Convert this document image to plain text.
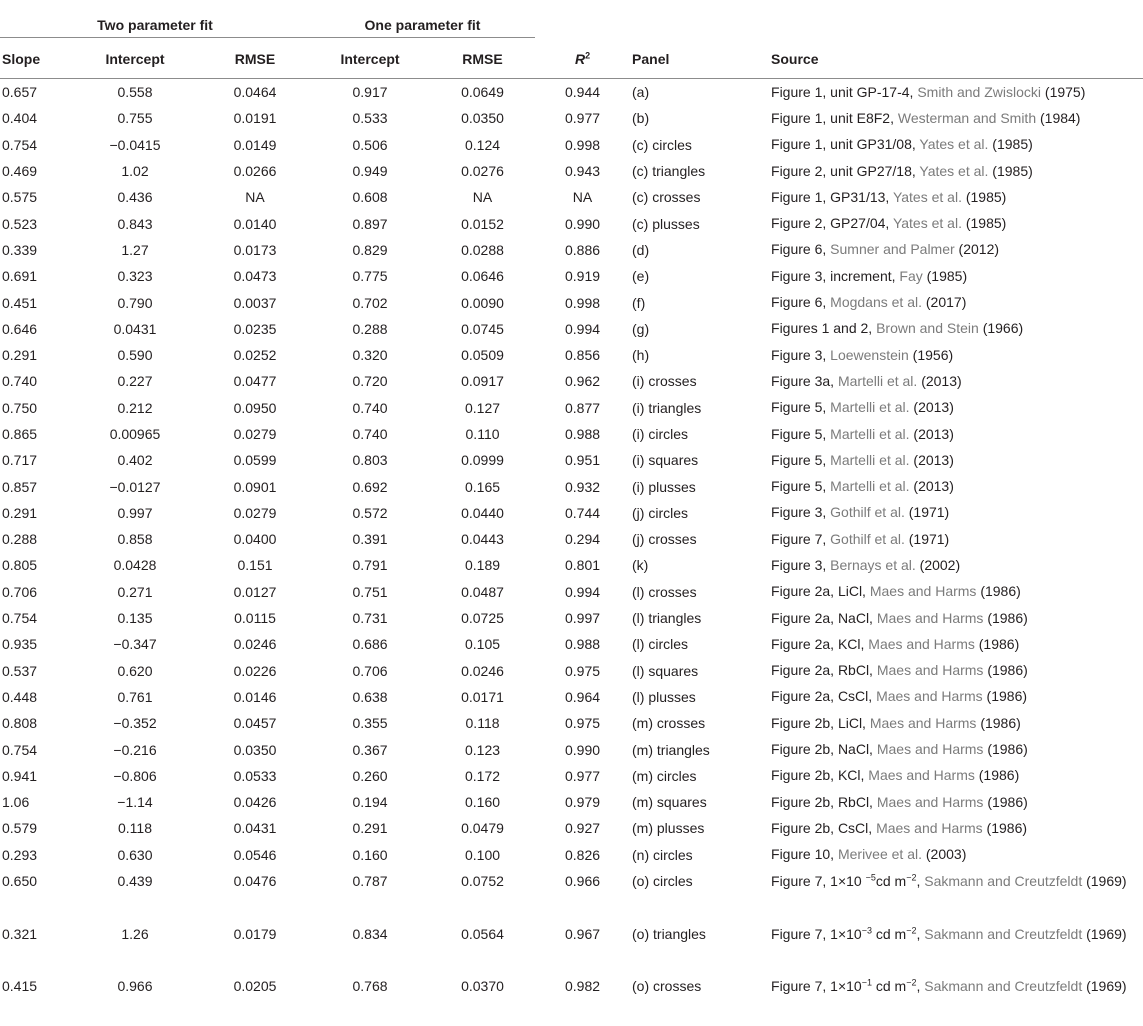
Two parameter fit			One parameter fit				

Slope	Intercept	RMSE	Intercept	RMSE	$R^2$	Panel	Source
0.657	0.558	0.0464	0.917	0.0649	0.944	(a)	Figure 1, unit GP-17-4, Smith and Zwislocki (1975)
0.404	0.755	0.0191	0.533	0.0350	0.977	(b)	Figure 1, unit E8F2, Westerman and Smith (1984)
0.754	−0.0415	0.0149	0.506	0.124	0.998	(c) circles	Figure 1, unit GP31/08, Yates et al. (1985)
0.469	1.02	0.0266	0.949	0.0276	0.943	(c) triangles	Figure 2, unit GP27/18, Yates et al. (1985)
0.575	0.436	NA	0.608	NA	NA	(c) crosses	Figure 1, GP31/13, Yates et al. (1985)
0.523	0.843	0.0140	0.897	0.0152	0.990	(c) plusses	Figure 2, GP27/04, Yates et al. (1985)
0.339	1.27	0.0173	0.829	0.0288	0.886	(d)	Figure 6, Sumner and Palmer (2012)
0.691	0.323	0.0473	0.775	0.0646	0.919	(e)	Figure 3, increment, Fay (1985)
0.451	0.790	0.0037	0.702	0.0090	0.998	(f)	Figure 6, Mogdans et al. (2017)
0.646	0.0431	0.0235	0.288	0.0745	0.994	(g)	Figures 1 and 2, Brown and Stein (1966)
0.291	0.590	0.0252	0.320	0.0509	0.856	(h)	Figure 3, Loewenstein (1956)
0.740	0.227	0.0477	0.720	0.0917	0.962	(i) crosses	Figure 3a, Martelli et al. (2013)
0.750	0.212	0.0950	0.740	0.127	0.877	(i) triangles	Figure 5, Martelli et al. (2013)
0.865	0.00965	0.0279	0.740	0.110	0.988	(i) circles	Figure 5, Martelli et al. (2013)
0.717	0.402	0.0599	0.803	0.0999	0.951	(i) squares	Figure 5, Martelli et al. (2013)
0.857	−0.0127	0.0901	0.692	0.165	0.932	(i) plusses	Figure 5, Martelli et al. (2013)
0.291	0.997	0.0279	0.572	0.0440	0.744	(j) circles	Figure 3, Gothilf et al. (1971)
0.288	0.858	0.0400	0.391	0.0443	0.294	(j) crosses	Figure 7, Gothilf et al. (1971)
0.805	0.0428	0.151	0.791	0.189	0.801	(k)	Figure 3, Bernays et al. (2002)
0.706	0.271	0.0127	0.751	0.0487	0.994	(l) crosses	Figure 2a, LiCl, Maes and Harms (1986)
0.754	0.135	0.0115	0.731	0.0725	0.997	(l) triangles	Figure 2a, NaCl, Maes and Harms (1986)
0.935	−0.347	0.0246	0.686	0.105	0.988	(l) circles	Figure 2a, KCl, Maes and Harms (1986)
0.537	0.620	0.0226	0.706	0.0246	0.975	(l) squares	Figure 2a, RbCl, Maes and Harms (1986)
0.448	0.761	0.0146	0.638	0.0171	0.964	(l) plusses	Figure 2a, CsCl, Maes and Harms (1986)
0.808	−0.352	0.0457	0.355	0.118	0.975	(m) crosses	Figure 2b, LiCl, Maes and Harms (1986)
0.754	−0.216	0.0350	0.367	0.123	0.990	(m) triangles	Figure 2b, NaCl, Maes and Harms (1986)
0.941	−0.806	0.0533	0.260	0.172	0.977	(m) circles	Figure 2b, KCl, Maes and Harms (1986)
1.06	−1.14	0.0426	0.194	0.160	0.979	(m) squares	Figure 2b, RbCl, Maes and Harms (1986)
0.579	0.118	0.0431	0.291	0.0479	0.927	(m) plusses	Figure 2b, CsCl, Maes and Harms (1986)
0.293	0.630	0.0546	0.160	0.100	0.826	(n) circles	Figure 10, Merivee et al. (2003)
0.650	0.439	0.0476	0.787	0.0752	0.966	(o) circles	Figure 7, 1×10 $^{-5}$cd $m^{-2}$, Sakmann and Creutzfeldt (1969)
0.321	1.26	0.0179	0.834	0.0564	0.967	(o) triangles	Figure 7, $1\times 10^{-3}$ cd $m^{-2}$, Sakmann and Creutzfeldt (1969)
0.415	0.966	0.0205	0.768	0.0370	0.982	(o) crosses	Figure 7, $1\times 10^{-1}$ cd $m^{-2}$, Sakmann and Creutzfeldt (1969)
